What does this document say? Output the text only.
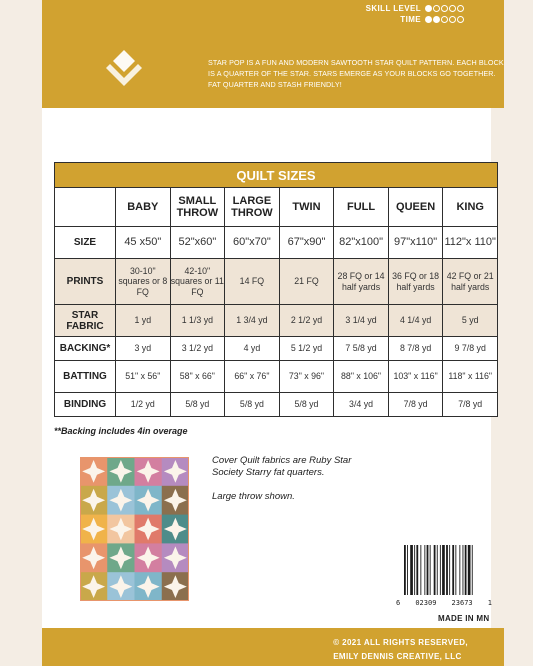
SKILL LEVEL
TIME
STAR POP IS A FUN AND MODERN SAWTOOTH STAR QUILT PATTERN. EACH BLOCK IS A QUARTER OF THE STAR. STARS EMERGE AS YOUR BLOCKS GO TOGETHER. FAT QUARTER AND STASH FRIENDLY!
QUILT SIZES							
	BABY	SMALL THROW	LARGE THROW	TWIN	FULL	QUEEN	KING
SIZE	45 x50"	52"x60"	60"x70"	67"x90"	82"x100"	97"x110"	112"x 110"
PRINTS	30-10" squares or 8 FQ	42-10" squares or 11 FQ	14 FQ	21 FQ	28 FQ or 14 half yards	36 FQ or 18 half yards	42 FQ or 21 half yards
STAR FABRIC	1 yd	1 1/3 yd	1 3/4 yd	2 1/2 yd	3 1/4 yd	4 1/4 yd	5 yd
BACKING*	3 yd	3 1/2 yd	4 yd	5 1/2 yd	7 5/8 yd	8 7/8 yd	9 7/8 yd
BATTING	51" x 56"	58" x 66"	66" x 76"	73" x 96"	88" x 106"	103" x 116"	118" x 116"
BINDING	1/2 yd	5/8 yd	5/8 yd	5/8 yd	3/4 yd	7/8 yd	7/8 yd
**Backing includes 4in overage

Cover Quilt fabrics are Ruby Star Society Starry fat quarters.

Large throw shown.

6 02309 23673 1
MADE IN MN
© 2021 ALL RIGHTS RESERVED,
EMILY DENNIS CREATIVE, LLC
